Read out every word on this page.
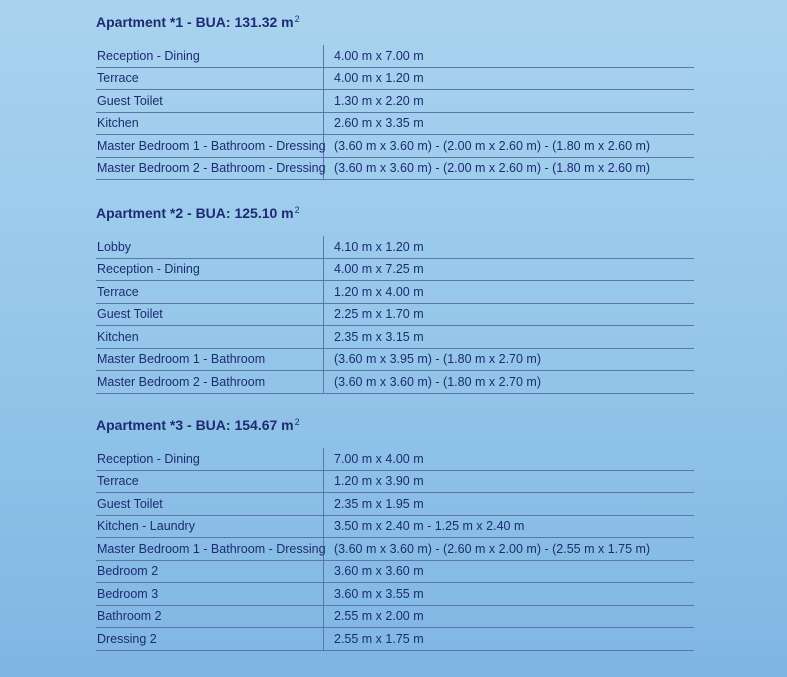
Apartment *1 - BUA: 131.32 $m^2$
Reception - Dining	4.00 m x 7.00 m
Terrace	4.00 m x 1.20 m
Guest Toilet	1.30 m x 2.20 m
Kitchen	2.60 m x 3.35 m
Master Bedroom 1 - Bathroom - Dressing	(3.60 m x 3.60 m) - (2.00 m x 2.60 m) - (1.80 m x 2.60 m)
Master Bedroom 2 - Bathroom - Dressing	(3.60 m x 3.60 m) - (2.00 m x 2.60 m) - (1.80 m x 2.60 m)
Apartment *2 - BUA: 125.10 $m^2$
Lobby	4.10 m x 1.20 m
Reception - Dining	4.00 m x 7.25 m
Terrace	1.20 m x 4.00 m
Guest Toilet	2.25 m x 1.70 m
Kitchen	2.35 m x 3.15 m
Master Bedroom 1 - Bathroom	(3.60 m x 3.95 m) - (1.80 m x 2.70 m)
Master Bedroom 2 - Bathroom	(3.60 m x 3.60 m) - (1.80 m x 2.70 m)
Apartment *3 - BUA: 154.67 $m^2$
Reception - Dining	7.00 m x 4.00 m
Terrace	1.20 m x 3.90 m
Guest Toilet	2.35 m x 1.95 m
Kitchen - Laundry	3.50 m x 2.40 m - 1.25 m x 2.40 m
Master Bedroom 1 - Bathroom - Dressing	(3.60 m x 3.60 m) - (2.60 m x 2.00 m) - (2.55 m x 1.75 m)
Bedroom 2	3.60 m x 3.60 m
Bedroom 3	3.60 m x 3.55 m
Bathroom 2	2.55 m x 2.00 m
Dressing 2	2.55 m x 1.75 m
